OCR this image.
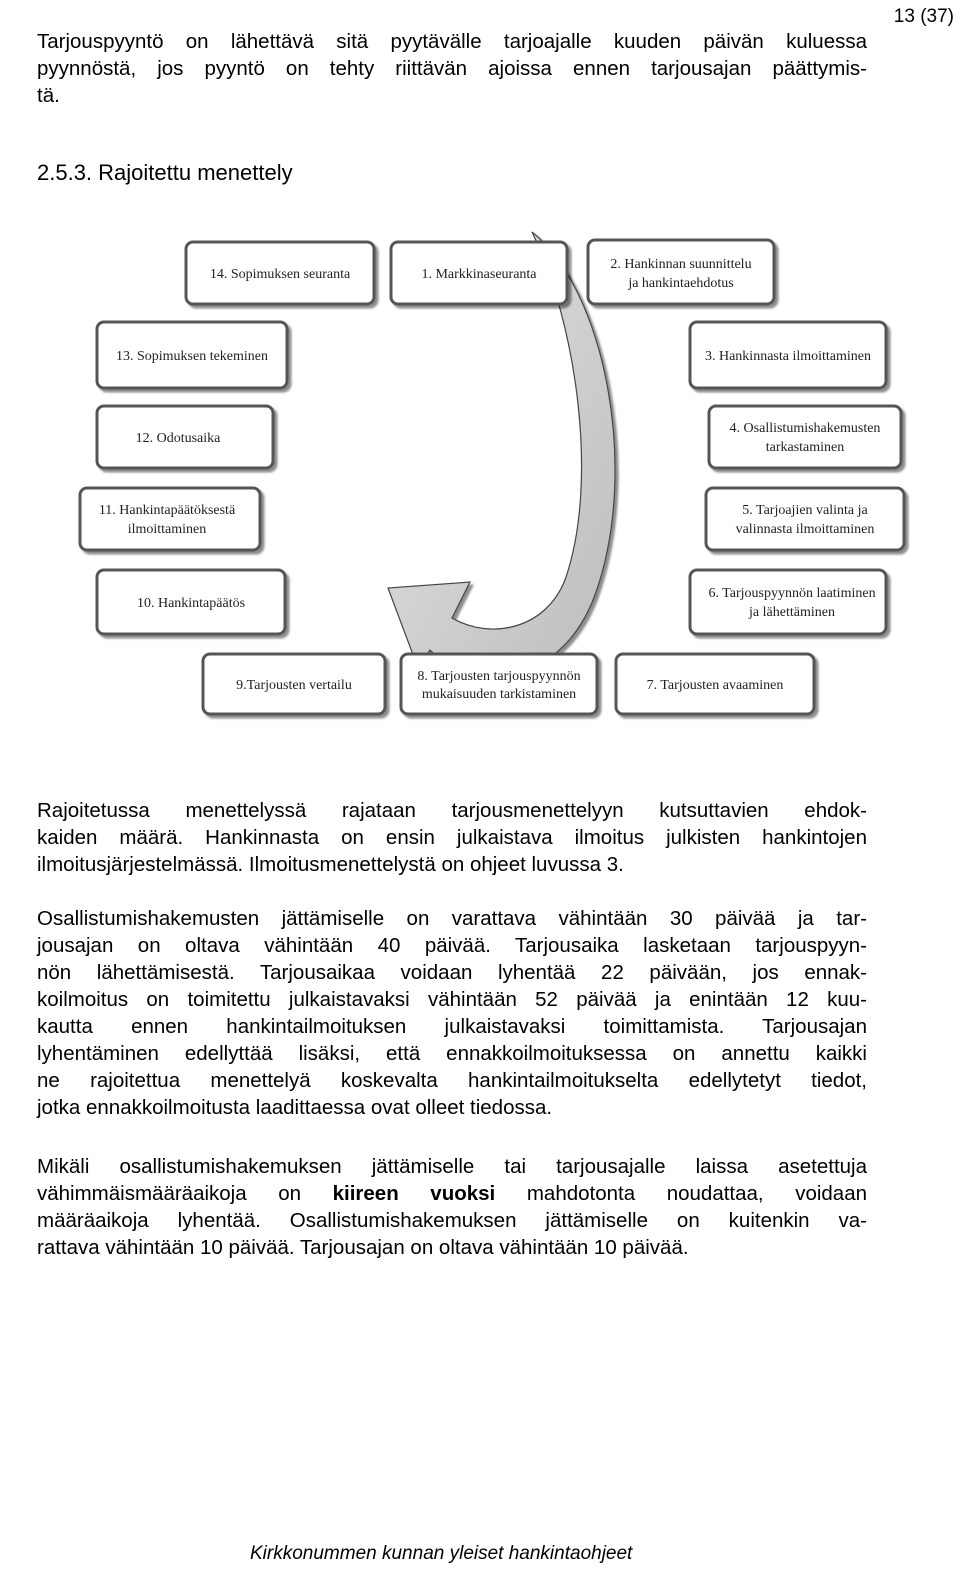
13 (37)

Tarjouspyyntö on lähettävä sitä pyytävälle tarjoajalle kuuden päivän kuluessa
pyynnöstä, jos pyyntö on tehty riittävän ajoissa ennen tarjousajan päättymis-
tä.

2.5.3. Rajoitettu menettely
14. Sopimuksen seuranta	1. Markkinaseuranta
2. Hankinnan suunnittelu
ja hankintaehdotus
13. Sopimuksen tekeminen	3. Hankinnasta ilmoittaminen
12. Odotusaika
4. Osallistumishakemusten
tarkastaminen
11. Hankintapäätöksestä
ilmoittaminen
5. Tarjoajien valinta ja
valinnasta ilmoittaminen
10. Hankintapäätös
6. Tarjouspyynnön laatiminen
ja lähettäminen
9.Tarjousten vertailu
8. Tarjousten tarjouspyynnön
mukaisuuden tarkistaminen
7. Tarjousten avaaminen

Rajoitetussa menettelyssä rajataan tarjousmenettelyyn kutsuttavien ehdok-
kaiden määrä. Hankinnasta on ensin julkaistava ilmoitus julkisten hankintojen
ilmoitusjärjestelmässä. Ilmoitusmenettelystä on ohjeet luvussa 3.

Osallistumishakemusten jättämiselle on varattava vähintään 30 päivää ja tar-
jousajan on oltava vähintään 40 päivää. Tarjousaika lasketaan tarjouspyyn-
nön lähettämisestä. Tarjousaikaa voidaan lyhentää 22 päivään, jos ennak-
koilmoitus on toimitettu julkaistavaksi vähintään 52 päivää ja enintään 12 kuu-
kautta ennen hankintailmoituksen julkaistavaksi toimittamista. Tarjousajan
lyhentäminen edellyttää lisäksi, että ennakkoilmoituksessa on annettu kaikki
ne rajoitettua menettelyä koskevalta hankintailmoitukselta edellytetyt tiedot,
jotka ennakkoilmoitusta laadittaessa ovat olleet tiedossa.

Mikäli osallistumishakemuksen jättämiselle tai tarjousajalle laissa asetettuja
vähimmäismääräaikoja on kiireen vuoksi mahdotonta noudattaa, voidaan
määräaikoja lyhentää. Osallistumishakemuksen jättämiselle on kuitenkin va-
rattava vähintään 10 päivää. Tarjousajan on oltava vähintään 10 päivää.

Kirkkonummen kunnan yleiset hankintaohjeet
